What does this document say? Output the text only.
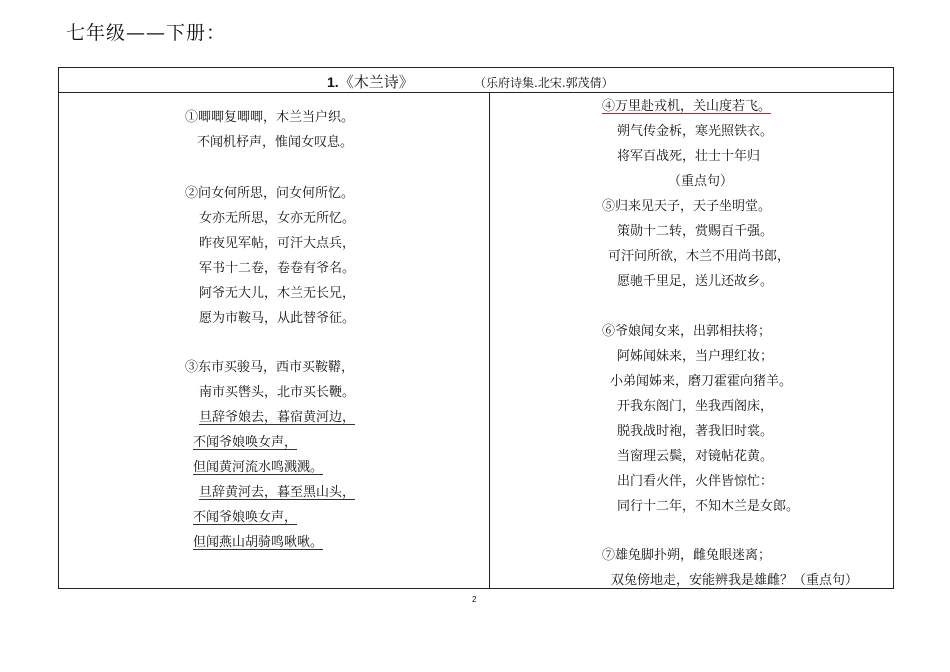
七年级——下册：
1.《木兰诗》	（乐府诗集.北宋.郭茂倩）
①唧唧复唧唧，木兰当户织。
不闻机杼声，惟闻女叹息。
②问女何所思，问女何所忆。
女亦无所思，女亦无所忆。
昨夜见军帖，可汗大点兵，
军书十二卷，卷卷有爷名。
阿爷无大儿，木兰无长兄，
愿为市鞍马，从此替爷征。
③东市买骏马，西市买鞍鞯，
南市买辔头，北市买长鞭。
旦辞爷娘去，暮宿黄河边，
不闻爷娘唤女声，
但闻黄河流水鸣溅溅。
旦辞黄河去，暮至黑山头，
不闻爷娘唤女声，
但闻燕山胡骑鸣啾啾。
④万里赴戎机，关山度若飞。
朔气传金柝，寒光照铁衣。
将军百战死，壮士十年归
（重点句）
⑤归来见天子，天子坐明堂。
策勋十二转，赏赐百千强。
可汗问所欲，木兰不用尚书郎，
愿驰千里足，送儿还故乡。
⑥爷娘闻女来，出郭相扶将；
阿姊闻妹来，当户理红妆；
小弟闻姊来，磨刀霍霍向猪羊。
开我东阁门，坐我西阁床，
脱我战时袍，著我旧时裳。
当窗理云鬓，对镜帖花黄。
出门看火伴，火伴皆惊忙：
同行十二年，不知木兰是女郎。
⑦雄兔脚扑朔，雌兔眼迷离；
双兔傍地走，安能辨我是雄雌？（重点句）
2
